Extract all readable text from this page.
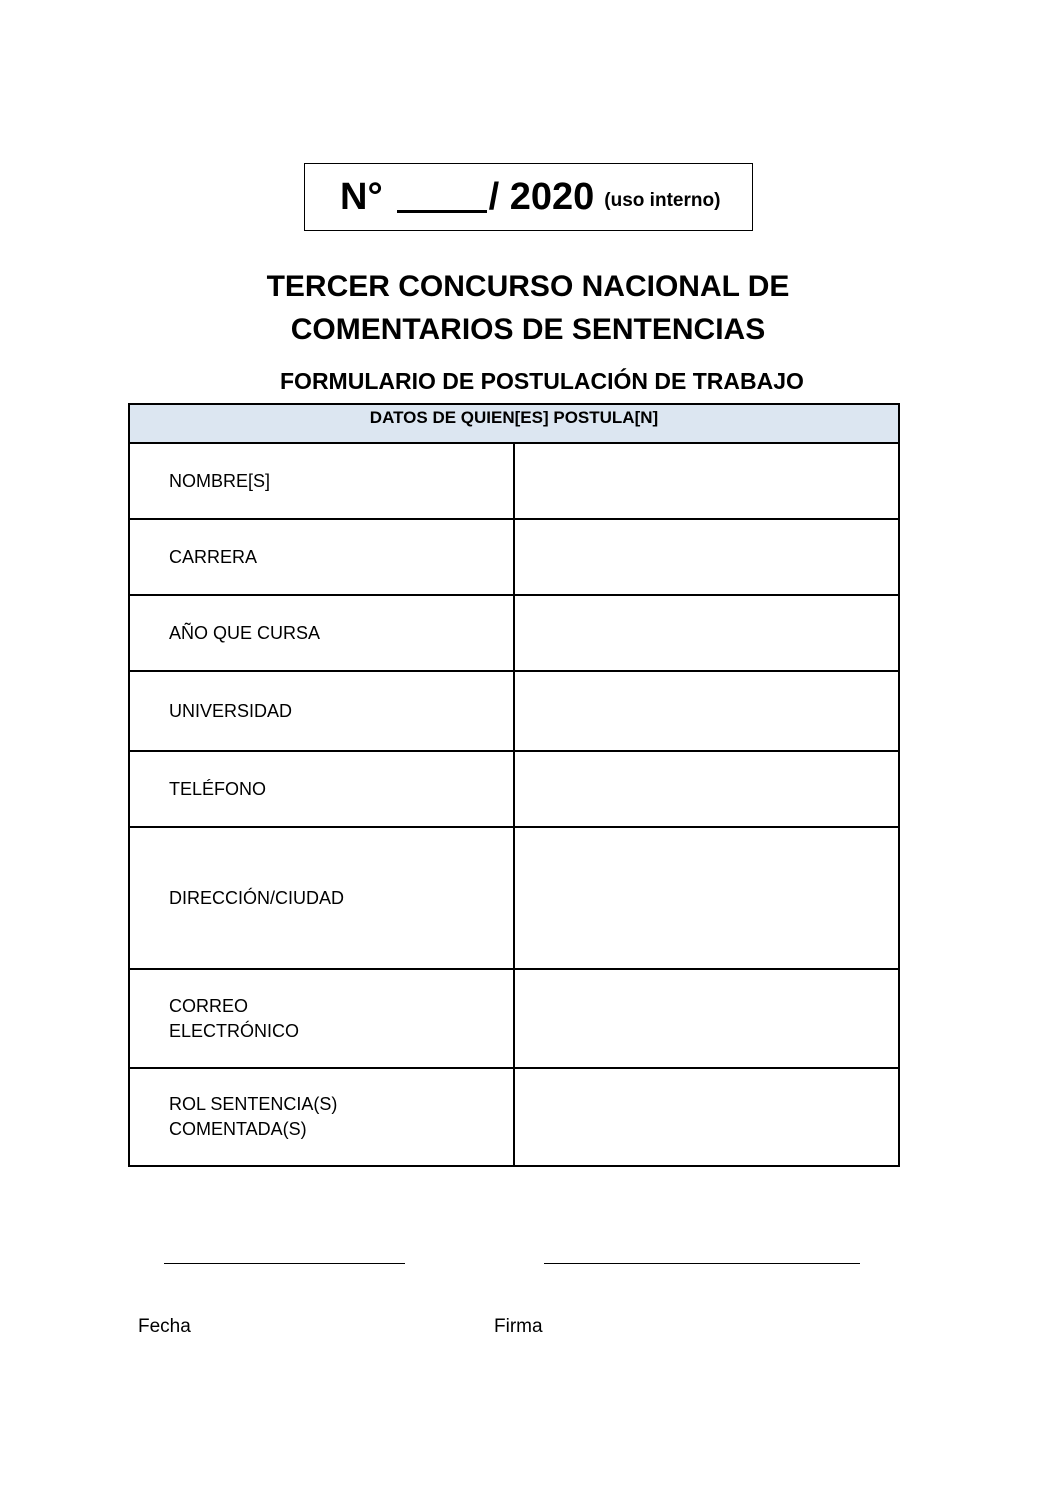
N°	/ 2020 (uso interno)
TERCER CONCURSO NACIONAL DE
COMENTARIOS DE SENTENCIAS
FORMULARIO DE POSTULACIÓN DE TRABAJO
DATOS DE QUIEN[ES] POSTULA[N]	
NOMBRE[S]	
CARRERA	
AÑO QUE CURSA	
UNIVERSIDAD	
TELÉFONO	
DIRECCIÓN/CIUDAD	
CORREO
ELECTRÓNICO	
ROL SENTENCIA(S)
COMENTADA(S)	
Fecha	Firma
